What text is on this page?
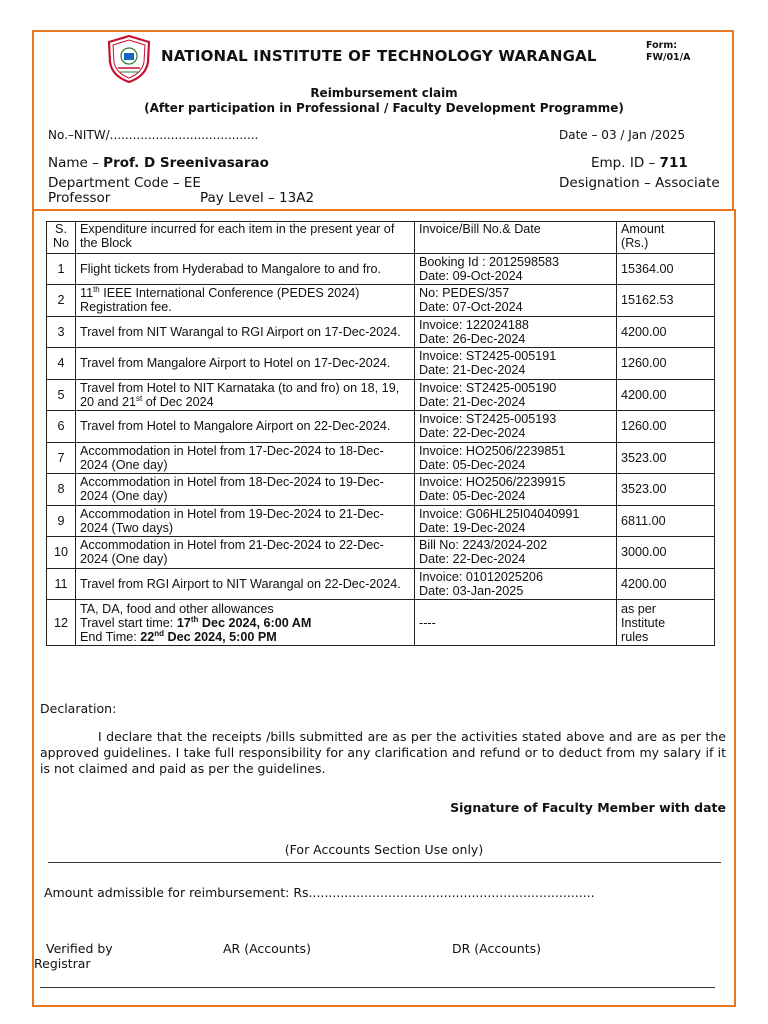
NATIONAL INSTITUTE OF TECHNOLOGY WARANGAL
Form:
FW/01/A
Reimbursement claim
(After participation in Professional / Faculty Development Programme)
No.–NITW/.......................................	Date – 03 / Jan /2025
Name – Prof. D Sreenivasarao	Emp. ID – 711
Department Code – EE	Designation – Associate
Professor	Pay Level – 13A2
S.
No	Expenditure incurred for each item in the present year of the Block	Invoice/Bill No.& Date	Amount
(Rs.)
1	Flight tickets from Hyderabad to Mangalore to and fro.	Booking Id : 2012598583
Date: 09-Oct-2024	15364.00
2	11th IEEE International Conference (PEDES 2024) Registration fee.	No: PEDES/357
Date: 07-Oct-2024	15162.53
3	Travel from NIT Warangal to RGI Airport on 17-Dec-2024.	Invoice: 122024188
Date: 26-Dec-2024	4200.00
4	Travel from Mangalore Airport to Hotel on 17-Dec-2024.	Invoice: ST2425-005191
Date: 21-Dec-2024	1260.00
5	Travel from Hotel to NIT Karnataka (to and fro) on 18, 19, 20 and 21st of Dec 2024	Invoice: ST2425-005190
Date: 21-Dec-2024	4200.00
6	Travel from Hotel to Mangalore Airport on 22-Dec-2024.	Invoice: ST2425-005193
Date: 22-Dec-2024	1260.00
7	Accommodation in Hotel from 17-Dec-2024 to 18-Dec-2024 (One day)	Invoice: HO2506/2239851
Date: 05-Dec-2024	3523.00
8	Accommodation in Hotel from 18-Dec-2024 to 19-Dec-2024 (One day)	Invoice: HO2506/2239915
Date: 05-Dec-2024	3523.00
9	Accommodation in Hotel from 19-Dec-2024 to 21-Dec-2024 (Two days)	Invoice: G06HL25I04040991
Date: 19-Dec-2024	6811.00
10	Accommodation in Hotel from 21-Dec-2024 to 22-Dec-2024 (One day)	Bill No: 2243/2024-202
Date: 22-Dec-2024	3000.00
11	Travel from RGI Airport to NIT Warangal on 22-Dec-2024.	Invoice: 01012025206
Date: 03-Jan-2025	4200.00
12	TA, DA, food and other allowances
Travel start time: 17th Dec 2024, 6:00 AM
End Time: 22nd Dec 2024, 5:00 PM	----	as per
Institute
rules
Declaration:
I declare that the receipts /bills submitted are as per the activities stated above and are as per the approved guidelines. I take full responsibility for any clarification and refund or to deduct from my salary if it is not claimed and paid as per the guidelines.
Signature of Faculty Member with date
(For Accounts Section Use only)
Amount admissible for reimbursement: Rs........................................................................
Verified by
Registrar
AR (Accounts)	DR (Accounts)
